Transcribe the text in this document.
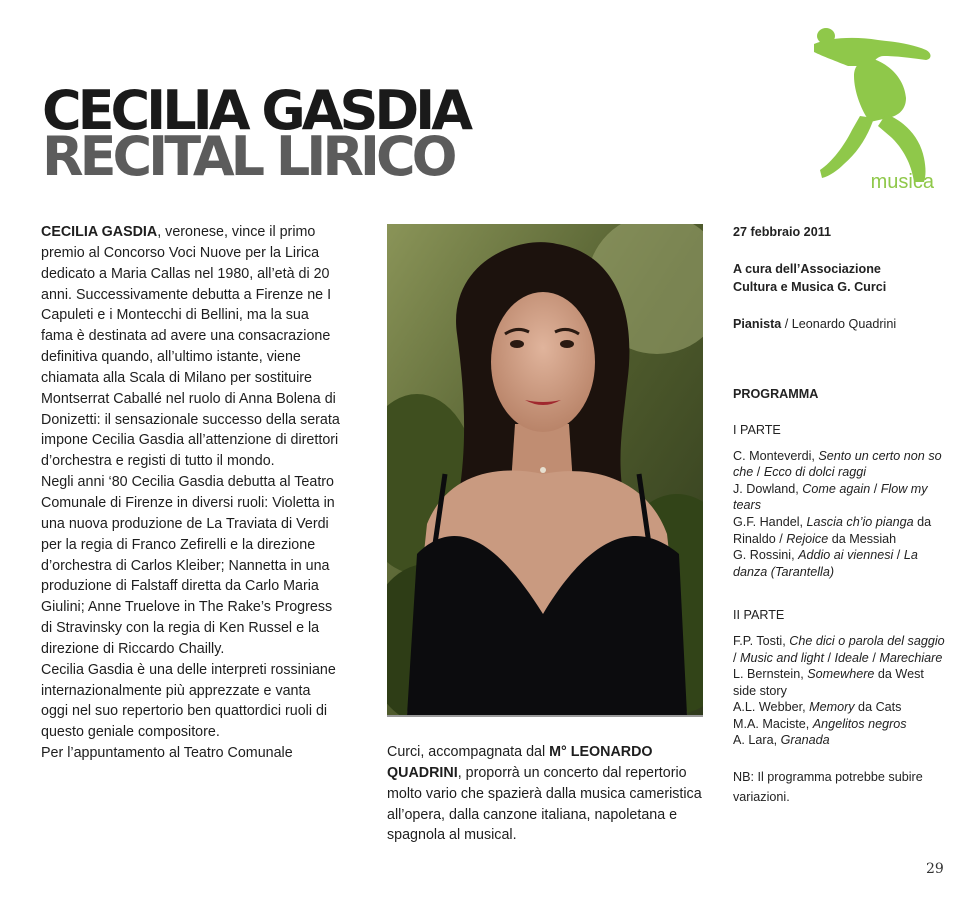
CECILIA GASDIA
RECITAL LIRICO	musica

CECILIA GASDIA, veronese, vince il primo premio al Concorso Voci Nuove per la Lirica dedicato a Maria Callas nel 1980, all’età di 20 anni. Successivamente debutta a Firenze ne I Capuleti e i Montecchi di Bellini, ma la sua fama è destinata ad avere una consacrazione definitiva quando, all’ultimo istante, viene chiamata alla Scala di Milano per sostituire Montserrat Caballé nel ruolo di Anna Bolena di Donizetti: il sensazionale successo della serata impone Cecilia Gasdia all’attenzione di direttori d’orchestra e registi di tutto il mondo.

Negli anni ‘80 Cecilia Gasdia debutta al Teatro Comunale di Firenze in diversi ruoli: Violetta in una nuova produzione de La Traviata di Verdi per la regia di Franco Zefirelli e la direzione d’orchestra di Carlos Kleiber; Nannetta in una produzione di Falstaff diretta da Carlo Maria Giulini; Anne Truelove in The Rake’s Progress di Stravinsky con la regia di Ken Russel e la direzione di Riccardo Chailly.

Cecilia Gasdia è una delle interpreti rossiniane internazionalmente più apprezzate e vanta oggi nel suo repertorio ben quattordici ruoli di questo geniale compositore.

Per l’appuntamento al Teatro Comunale	Curci, accompagnata dal M° LEONARDO QUADRINI, proporrà un concerto dal repertorio molto vario che spazierà dalla musica cameristica all’opera, dalla canzone italiana, napoletana e spagnola al musical.

27 febbraio 2011
A cura dell’Associazione
Cultura e Musica G. Curci
Pianista / Leonardo Quadrini
PROGRAMMA
I PARTE
C. Monteverdi, Sento un certo non so che / Ecco di dolci raggi
J. Dowland, Come again / Flow my tears
G.F. Handel, Lascia ch’io pianga da Rinaldo / Rejoice da Messiah
G. Rossini, Addio ai viennesi / La danza (Tarantella)
II PARTE
F.P. Tosti, Che dici o parola del saggio / Music and light / Ideale / Marechiare
L. Bernstein, Somewhere da West side story
A.L. Webber, Memory da Cats
M.A. Maciste, Angelitos negros
A. Lara, Granada
NB: Il programma potrebbe subire variazioni.
29
